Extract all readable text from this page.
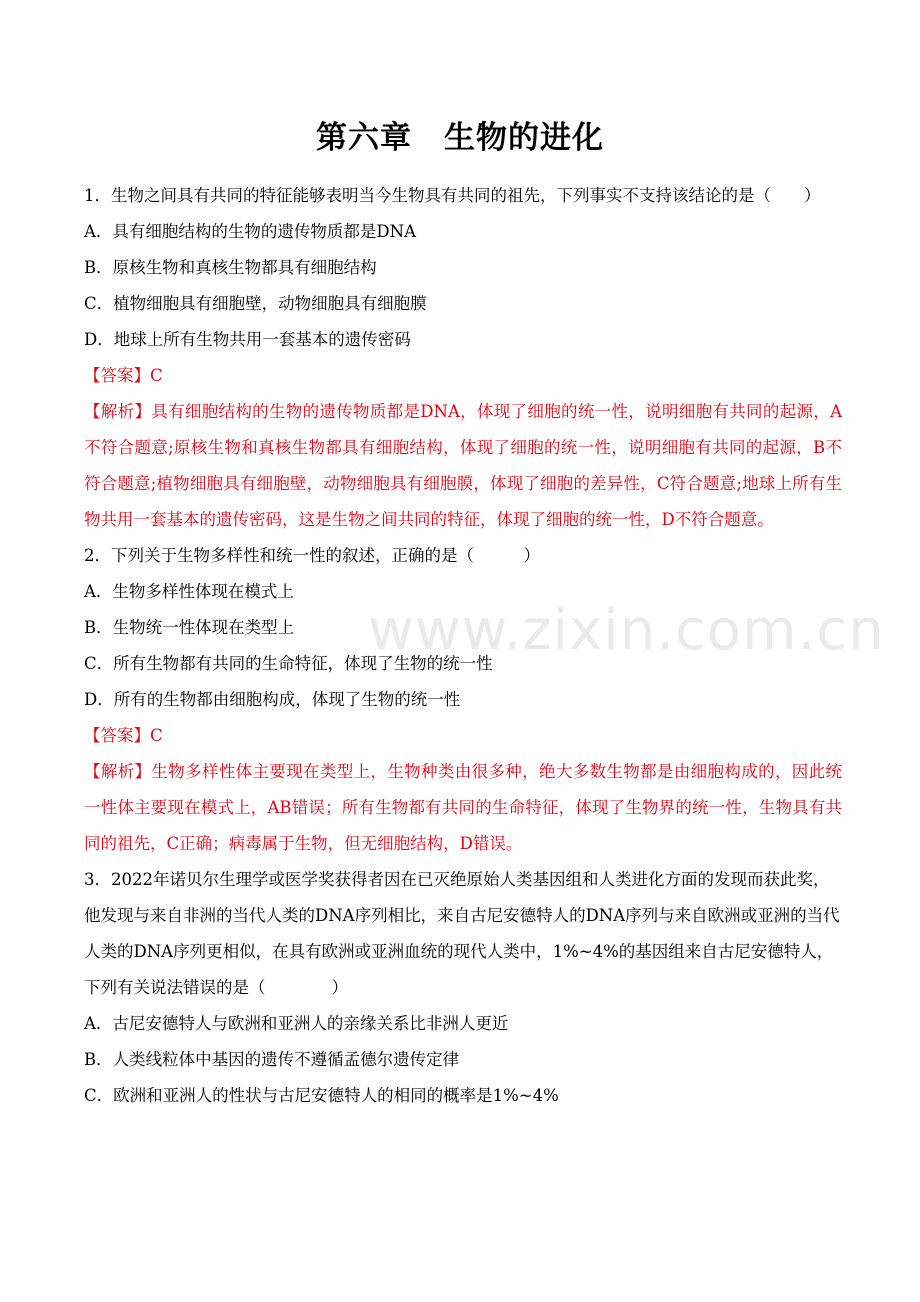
第六章　生物的进化
www.zixin.com.cn
1．生物之间具有共同的特征能够表明当今生物具有共同的祖先，下列事实不支持该结论的是（　　）
A．具有细胞结构的生物的遗传物质都是DNA
B．原核生物和真核生物都具有细胞结构
C．植物细胞具有细胞壁，动物细胞具有细胞膜
D．地球上所有生物共用一套基本的遗传密码
【答案】C
【解析】具有细胞结构的生物的遗传物质都是DNA，体现了细胞的统一性，说明细胞有共同的起源，A不符合题意;原核生物和真核生物都具有细胞结构，体现了细胞的统一性，说明细胞有共同的起源，B不符合题意;植物细胞具有细胞壁，动物细胞具有细胞膜，体现了细胞的差异性，C符合题意;地球上所有生物共用一套基本的遗传密码，这是生物之间共同的特征，体现了细胞的统一性，D不符合题意。
2．下列关于生物多样性和统一性的叙述，正确的是（　　　）
A．生物多样性体现在模式上
B．生物统一性体现在类型上
C．所有生物都有共同的生命特征，体现了生物的统一性
D．所有的生物都由细胞构成，体现了生物的统一性
【答案】C
【解析】生物多样性体主要现在类型上，生物种类由很多种，绝大多数生物都是由细胞构成的，因此统一性体主要现在模式上，AB错误；所有生物都有共同的生命特征，体现了生物界的统一性，生物具有共同的祖先，C正确；病毒属于生物，但无细胞结构，D错误。
3．2022年诺贝尔生理学或医学奖获得者因在已灭绝原始人类基因组和人类进化方面的发现而获此奖，他发现与来自非洲的当代人类的DNA序列相比，来自古尼安德特人的DNA序列与来自欧洲或亚洲的当代人类的DNA序列更相似，在具有欧洲或亚洲血统的现代人类中，1%~4%的基因组来自古尼安德特人，下列有关说法错误的是（　　　　）
A．古尼安德特人与欧洲和亚洲人的亲缘关系比非洲人更近
B．人类线粒体中基因的遗传不遵循孟德尔遗传定律
C．欧洲和亚洲人的性状与古尼安德特人的相同的概率是1%~4%
